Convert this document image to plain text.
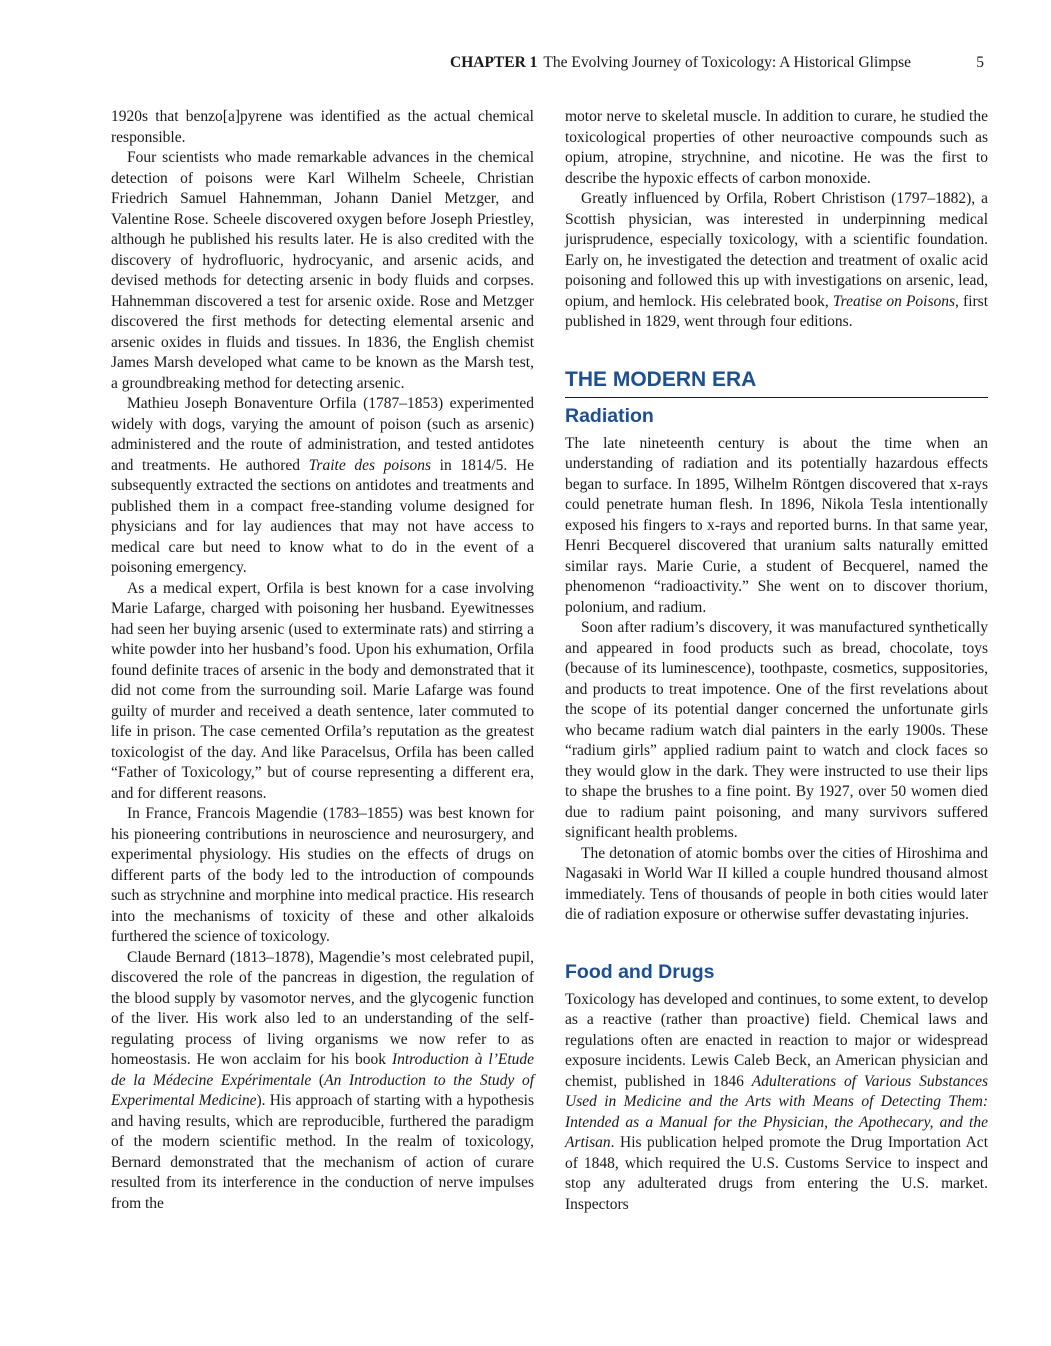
CHAPTER 1 The Evolving Journey of Toxicology: A Historical Glimpse	5

1920s that benzo[a]pyrene was identified as the actual chemical responsible.

Four scientists who made remarkable advances in the chemical detection of poisons were Karl Wilhelm Scheele, Christian Friedrich Samuel Hahnemman, Johann Daniel Metzger, and Valentine Rose. Scheele discovered oxygen before Joseph Priestley, although he published his results later. He is also credited with the discovery of hydrofluoric, hydrocyanic, and arsenic acids, and devised methods for detecting arsenic in body fluids and corpses. Hahnemman discovered a test for arsenic oxide. Rose and Metzger discovered the first methods for detecting elemental arsenic and arsenic oxides in fluids and tissues. In 1836, the English chemist James Marsh developed what came to be known as the Marsh test, a groundbreaking method for detecting arsenic.

Mathieu Joseph Bonaventure Orfila (1787–1853) experimented widely with dogs, varying the amount of poison (such as arsenic) administered and the route of administration, and tested antidotes and treatments. He authored Traite des poisons in 1814/5. He subsequently extracted the sections on antidotes and treatments and published them in a compact free-standing volume designed for physicians and for lay audiences that may not have access to medical care but need to know what to do in the event of a poisoning emergency.

As a medical expert, Orfila is best known for a case involving Marie Lafarge, charged with poisoning her husband. Eyewitnesses had seen her buying arsenic (used to exterminate rats) and stirring a white powder into her husband’s food. Upon his exhumation, Orfila found definite traces of arsenic in the body and demonstrated that it did not come from the surrounding soil. Marie Lafarge was found guilty of murder and received a death sentence, later commuted to life in prison. The case cemented Orfila’s reputation as the greatest toxicologist of the day. And like Paracelsus, Orfila has been called “Father of Toxicology,” but of course representing a different era, and for different reasons.

In France, Francois Magendie (1783–1855) was best known for his pioneering contributions in neuroscience and neurosurgery, and experimental physiology. His studies on the effects of drugs on different parts of the body led to the introduction of compounds such as strychnine and morphine into medical practice. His research into the mechanisms of toxicity of these and other alkaloids furthered the science of toxicology.

Claude Bernard (1813–1878), Magendie’s most celebrated pupil, discovered the role of the pancreas in digestion, the regulation of the blood supply by vasomotor nerves, and the glycogenic function of the liver. His work also led to an understanding of the self-regulating process of living organisms we now refer to as homeostasis. He won acclaim for his book Introduction à l’Etude de la Médecine Expérimentale (An Introduction to the Study of Experimental Medicine). His approach of starting with a hypothesis and having results, which are reproducible, furthered the paradigm of the modern scientific method. In the realm of toxicology, Bernard demonstrated that the mechanism of action of curare resulted from its interference in the conduction of nerve impulses from the

motor nerve to skeletal muscle. In addition to curare, he studied the toxicological properties of other neuroactive compounds such as opium, atropine, strychnine, and nicotine. He was the first to describe the hypoxic effects of carbon monoxide.

Greatly influenced by Orfila, Robert Christison (1797–1882), a Scottish physician, was interested in underpinning medical jurisprudence, especially toxicology, with a scientific foundation. Early on, he investigated the detection and treatment of oxalic acid poisoning and followed this up with investigations on arsenic, lead, opium, and hemlock. His celebrated book, Treatise on Poisons, first published in 1829, went through four editions.

THE MODERN ERA
Radiation

The late nineteenth century is about the time when an understanding of radiation and its potentially hazardous effects began to surface. In 1895, Wilhelm Röntgen discovered that x-rays could penetrate human flesh. In 1896, Nikola Tesla intentionally exposed his fingers to x-rays and reported burns. In that same year, Henri Becquerel discovered that uranium salts naturally emitted similar rays. Marie Curie, a student of Becquerel, named the phenomenon “radioactivity.” She went on to discover thorium, polonium, and radium.

Soon after radium’s discovery, it was manufactured synthetically and appeared in food products such as bread, chocolate, toys (because of its luminescence), toothpaste, cosmetics, suppositories, and products to treat impotence. One of the first revelations about the scope of its potential danger concerned the unfortunate girls who became radium watch dial painters in the early 1900s. These “radium girls” applied radium paint to watch and clock faces so they would glow in the dark. They were instructed to use their lips to shape the brushes to a fine point. By 1927, over 50 women died due to radium paint poisoning, and many survivors suffered significant health problems.

The detonation of atomic bombs over the cities of Hiroshima and Nagasaki in World War II killed a couple hundred thousand almost immediately. Tens of thousands of people in both cities would later die of radiation exposure or otherwise suffer devastating injuries.

Food and Drugs

Toxicology has developed and continues, to some extent, to develop as a reactive (rather than proactive) field. Chemical laws and regulations often are enacted in reaction to major or widespread exposure incidents. Lewis Caleb Beck, an American physician and chemist, published in 1846 Adulterations of Various Substances Used in Medicine and the Arts with Means of Detecting Them: Intended as a Manual for the Physician, the Apothecary, and the Artisan. His publication helped promote the Drug Importation Act of 1848, which required the U.S. Customs Service to inspect and stop any adulterated drugs from entering the U.S. market. Inspectors
